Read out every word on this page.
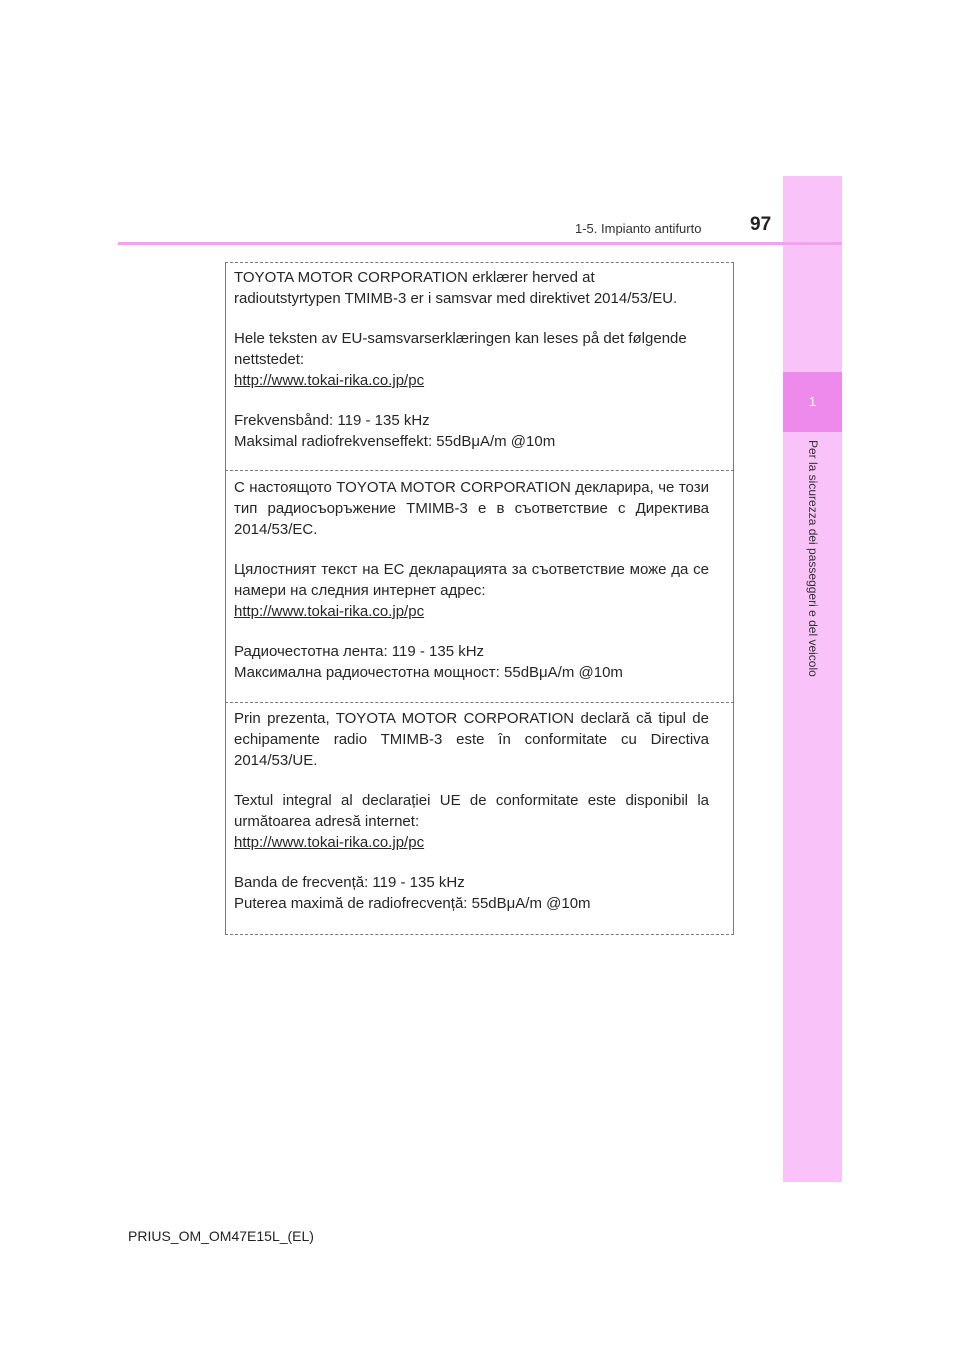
1
Per la sicurezza dei passeggeri e del veicolo
1-5. Impianto antifurto	97

TOYOTA MOTOR CORPORATION erklærer herved at

radioutstyrtypen TMIMB-3 er i samsvar med direktivet 2014/53/EU.

Hele teksten av EU-samsvarserklæringen kan leses på det følgende nettstedet:

http://www.tokai-rika.co.jp/pc

Frekvensbånd: 119 - 135 kHz

Maksimal radiofrekvenseffekt: 55dBμA/m @10m

С настоящото TOYOTA MOTOR CORPORATION декларира, че този тип радиосъоръжение TMIMB-3 е в съответствие с Директива 2014/53/ЕС.

Цялостният текст на ЕС декларацията за съответствие може да се намери на следния интернет адрес:

http://www.tokai-rika.co.jp/pc

Радиочестотна лента: 119 - 135 kHz

Максимална радиочестотна мощност: 55dBμA/m @10m

Prin prezenta, TOYOTA MOTOR CORPORATION declară că tipul de echipamente radio TMIMB-3 este în conformitate cu Directiva 2014/53/UE.

Textul integral al declarației UE de conformitate este disponibil la următoarea adresă internet:

http://www.tokai-rika.co.jp/pc

Banda de frecvență: 119 - 135 kHz

Puterea maximă de radiofrecvență: 55dBμA/m @10m

PRIUS_OM_OM47E15L_(EL)
